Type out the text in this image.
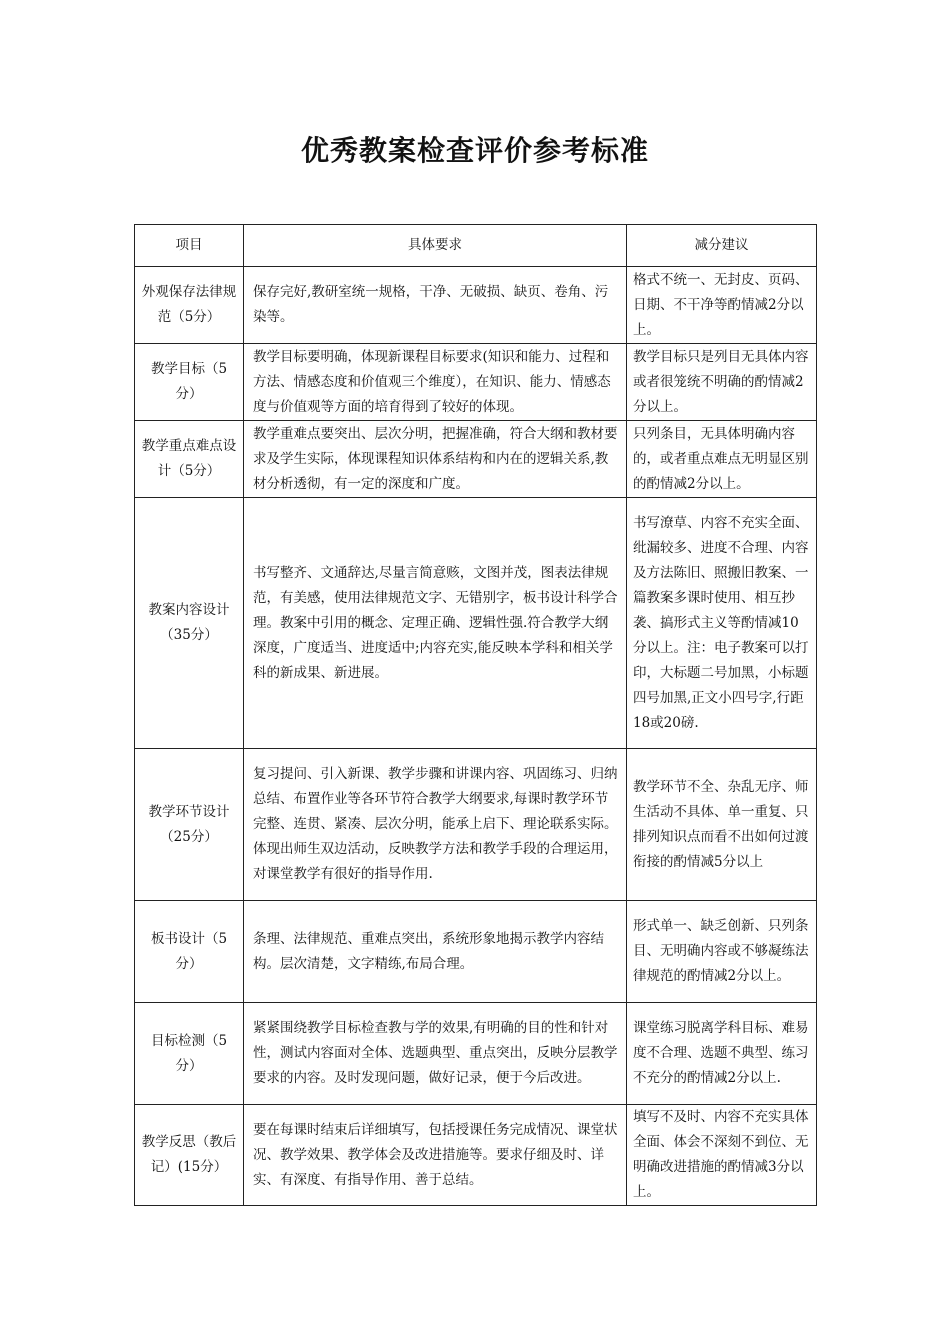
优秀教案检查评价参考标准
项目	具体要求	减分建议
外观保存法律规范（5分）	保存完好,教研室统一规格，干净、无破损、缺页、卷角、污染等。	格式不统一、无封皮、页码、日期、不干净等酌情减2分以上。
教学目标（5分）	教学目标要明确，体现新课程目标要求(知识和能力、过程和方法、情感态度和价值观三个维度），在知识、能力、情感态度与价值观等方面的培育得到了较好的体现。	教学目标只是列目无具体内容或者很笼统不明确的酌情减2分以上。
教学重点难点设计（5分）	教学重难点要突出、层次分明，把握准确，符合大纲和教材要求及学生实际，体现课程知识体系结构和内在的逻辑关系,教材分析透彻，有一定的深度和广度。	只列条目，无具体明确内容的，或者重点难点无明显区别的酌情减2分以上。
教案内容设计（35分）	书写整齐、文通辞达,尽量言简意赅，文图并茂，图表法律规范，有美感，使用法律规范文字、无错别字，板书设计科学合理。教案中引用的概念、定理正确、逻辑性强.符合教学大纲深度，广度适当、进度适中;内容充实,能反映本学科和相关学科的新成果、新进展。	书写潦草、内容不充实全面、纰漏较多、进度不合理、内容及方法陈旧、照搬旧教案、一篇教案多课时使用、相互抄袭、搞形式主义等酌情减10分以上。注：电子教案可以打印，大标题二号加黑，小标题四号加黑,正文小四号字,行距18或20磅.
教学环节设计（25分）	复习提问、引入新课、教学步骤和讲课内容、巩固练习、归纳总结、布置作业等各环节符合教学大纲要求,每课时教学环节完整、连贯、紧凑、层次分明，能承上启下、理论联系实际。体现出师生双边活动，反映教学方法和教学手段的合理运用，对课堂教学有很好的指导作用.	教学环节不全、杂乱无序、师生活动不具体、单一重复、只排列知识点而看不出如何过渡衔接的酌情减5分以上
板书设计（5分）	条理、法律规范、重难点突出，系统形象地揭示教学内容结构。层次清楚，文字精练,布局合理。	形式单一、缺乏创新、只列条目、无明确内容或不够凝练法律规范的酌情减2分以上。
目标检测（5分）	紧紧围绕教学目标检查教与学的效果,有明确的目的性和针对性，测试内容面对全体、选题典型、重点突出，反映分层教学要求的内容。及时发现问题，做好记录，便于今后改进。	课堂练习脱离学科目标、难易度不合理、选题不典型、练习不充分的酌情减2分以上.
教学反思（教后记）(15分）	要在每课时结束后详细填写，包括授课任务完成情况、课堂状况、教学效果、教学体会及改进措施等。要求仔细及时、详实、有深度、有指导作用、善于总结。	填写不及时、内容不充实具体全面、体会不深刻不到位、无明确改进措施的酌情减3分以上。
